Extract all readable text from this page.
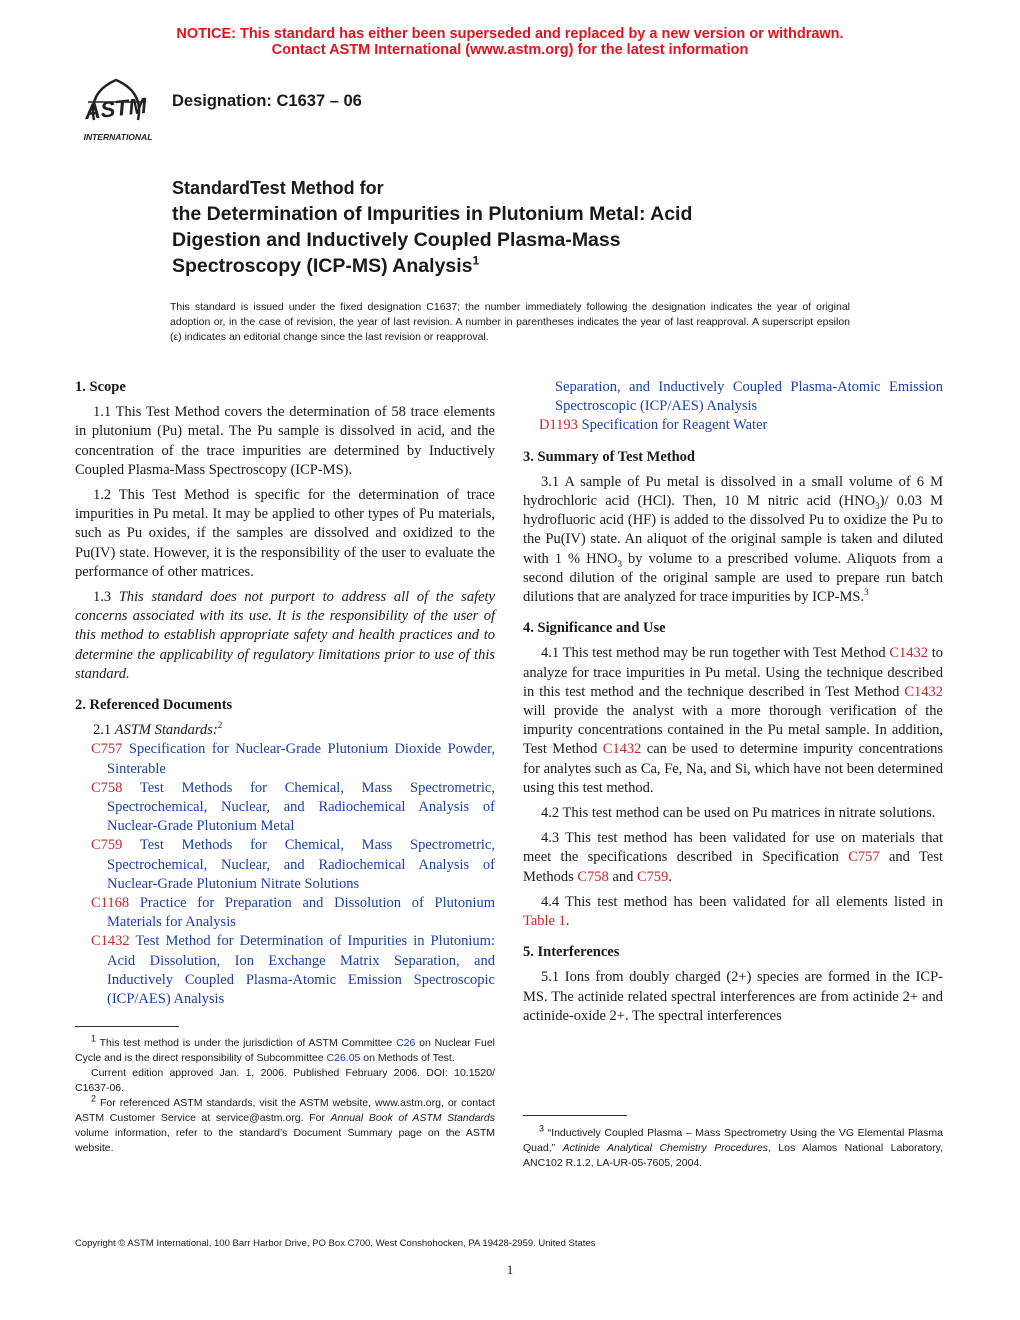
NOTICE: This standard has either been superseded and replaced by a new version or withdrawn.
Contact ASTM International (www.astm.org) for the latest information
ASTM
INTERNATIONAL
Designation: C1637 – 06
StandardTest Method for
the Determination of Impurities in Plutonium Metal: Acid
Digestion and Inductively Coupled Plasma-Mass
Spectroscopy (ICP-MS) Analysis$^1$
This standard is issued under the fixed designation C1637; the number immediately following the designation indicates the year of original adoption or, in the case of revision, the year of last revision. A number in parentheses indicates the year of last reapproval. A superscript epsilon (ε) indicates an editorial change since the last revision or reapproval.
1. Scope

1.1 This Test Method covers the determination of 58 trace elements in plutonium (Pu) metal. The Pu sample is dissolved in acid, and the concentration of the trace impurities are determined by Inductively Coupled Plasma-Mass Spectroscopy (ICP-MS).

1.2 This Test Method is specific for the determination of trace impurities in Pu metal. It may be applied to other types of Pu materials, such as Pu oxides, if the samples are dissolved and oxidized to the Pu(IV) state. However, it is the responsibility of the user to evaluate the performance of other matrices.

1.3 This standard does not purport to address all of the safety concerns associated with its use. It is the responsibility of the user of this method to establish appropriate safety and health practices and to determine the applicability of regulatory limitations prior to use of this standard.

2. Referenced Documents

2.1 ASTM Standards:$^2$

C757 Specification for Nuclear-Grade Plutonium Dioxide Powder, Sinterable
C758 Test Methods for Chemical, Mass Spectrometric, Spectrochemical, Nuclear, and Radiochemical Analysis of Nuclear-Grade Plutonium Metal
C759 Test Methods for Chemical, Mass Spectrometric, Spectrochemical, Nuclear, and Radiochemical Analysis of Nuclear-Grade Plutonium Nitrate Solutions
C1168 Practice for Preparation and Dissolution of Plutonium Materials for Analysis
C1432 Test Method for Determination of Impurities in Plutonium: Acid Dissolution, Ion Exchange Matrix Separation, and Inductively Coupled Plasma-Atomic Emission Spectroscopic (ICP/AES) Analysis
Separation, and Inductively Coupled Plasma-Atomic Emission Spectroscopic (ICP/AES) Analysis
D1193 Specification for Reagent Water
3. Summary of Test Method

3.1 A sample of Pu metal is dissolved in a small volume of 6 M hydrochloric acid (HCl). Then, 10 M nitric acid $(HNO_3)/$ 0.03 M hydrofluoric acid (HF) is added to the dissolved Pu to oxidize the Pu to the Pu(IV) state. An aliquot of the original sample is taken and diluted with 1 % $HNO_3$ by volume to a prescribed volume. Aliquots from a second dilution of the original sample are used to prepare run batch dilutions that are analyzed for trace impurities by ICP-MS.$^3$

4. Significance and Use

4.1 This test method may be run together with Test Method C1432 to analyze for trace impurities in Pu metal. Using the technique described in this test method and the technique described in Test Method C1432 will provide the analyst with a more thorough verification of the impurity concentrations contained in the Pu metal sample. In addition, Test Method C1432 can be used to determine impurity concentrations for analytes such as Ca, Fe, Na, and Si, which have not been determined using this test method.

4.2 This test method can be used on Pu matrices in nitrate solutions.

4.3 This test method has been validated for use on materials that meet the specifications described in Specification C757 and Test Methods C758 and C759.

4.4 This test method has been validated for all elements listed in Table 1.

5. Interferences

5.1 Ions from doubly charged (2+) species are formed in the ICP-MS. The actinide related spectral interferences are from actinide 2+ and actinide-oxide 2+. The spectral interferences

$^1$ This test method is under the jurisdiction of ASTM Committee C26 on Nuclear Fuel Cycle and is the direct responsibility of Subcommittee C26.05 on Methods of Test.

Current edition approved Jan. 1, 2006. Published February 2006. DOI: 10.1520/ C1637-06.

$^2$ For referenced ASTM standards, visit the ASTM website, www.astm.org, or contact ASTM Customer Service at service@astm.org. For Annual Book of ASTM Standards volume information, refer to the standard’s Document Summary page on the ASTM website.

$^3$ “Inductively Coupled Plasma – Mass Spectrometry Using the VG Elemental Plasma Quad,” Actinide Analytical Chemistry Procedures, Los Alamos National Laboratory, ANC102 R.1.2, LA-UR-05-7605, 2004.

Copyright © ASTM International, 100 Barr Harbor Drive, PO Box C700, West Conshohocken, PA 19428-2959. United States
1
